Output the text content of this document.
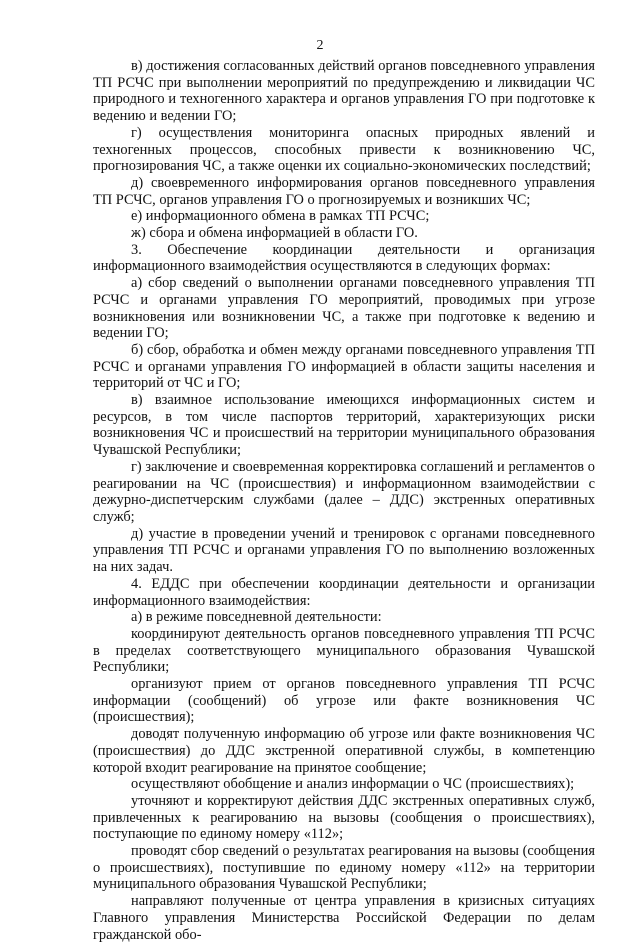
2

в) достижения согласованных действий органов повседневного управления ТП РСЧС при выполнении мероприятий по предупреждению и ликвидации ЧС природного и техногенного характера и органов управления ГО при подготовке к ведению и ведении ГО;

г) осуществления мониторинга опасных природных явлений и техногенных процессов, способных привести к возникновению ЧС, прогнозирования ЧС, а также оценки их социально-экономических последствий;

д) своевременного информирования органов повседневного управления ТП РСЧС, органов управления ГО о прогнозируемых и возникших ЧС;

е) информационного обмена в рамках ТП РСЧС;

ж) сбора и обмена информацией в области ГО.

3. Обеспечение координации деятельности и организация информационного взаимодействия осуществляются в следующих формах:

а) сбор сведений о выполнении органами повседневного управления ТП РСЧС и органами управления ГО мероприятий, проводимых при угрозе возникновения или возникновении ЧС, а также при подготовке к ведению и ведении ГО;

б) сбор, обработка и обмен между органами повседневного управления ТП РСЧС и органами управления ГО информацией в области защиты населения и территорий от ЧС и ГО;

в) взаимное использование имеющихся информационных систем и ресурсов, в том числе паспортов территорий, характеризующих риски возникновения ЧС и происшествий на территории муниципального образования Чувашской Республики;

г) заключение и своевременная корректировка соглашений и регламентов о реагировании на ЧС (происшествия) и информационном взаимодействии с дежурно-диспетчерским службами (далее – ДДС) экстренных оперативных служб;

д) участие в проведении учений и тренировок с органами повседневного управления ТП РСЧС и органами управления ГО по выполнению возложенных на них задач.

4. ЕДДС при обеспечении координации деятельности и организации информационного взаимодействия:

а) в режиме повседневной деятельности:

координируют деятельность органов повседневного управления ТП РСЧС в пределах соответствующего муниципального образования Чувашской Республики;

организуют прием от органов повседневного управления ТП РСЧС информации (сообщений) об угрозе или факте возникновения ЧС (происшествия);

доводят полученную информацию об угрозе или факте возникновения ЧС (происшествия) до ДДС экстренной оперативной службы, в компетенцию которой входит реагирование на принятое сообщение;

осуществляют обобщение и анализ информации о ЧС (происшествиях);

уточняют и корректируют действия ДДС экстренных оперативных служб, привлеченных к реагированию на вызовы (сообщения о происшествиях), поступающие по единому номеру «112»;

проводят сбор сведений о результатах реагирования на вызовы (сообщения о происшествиях), поступившие по единому номеру «112» на территории муниципального образования Чувашской Республики;

направляют полученные от центра управления в кризисных ситуациях Главного управления Министерства Российской Федерации по делам гражданской обо-
